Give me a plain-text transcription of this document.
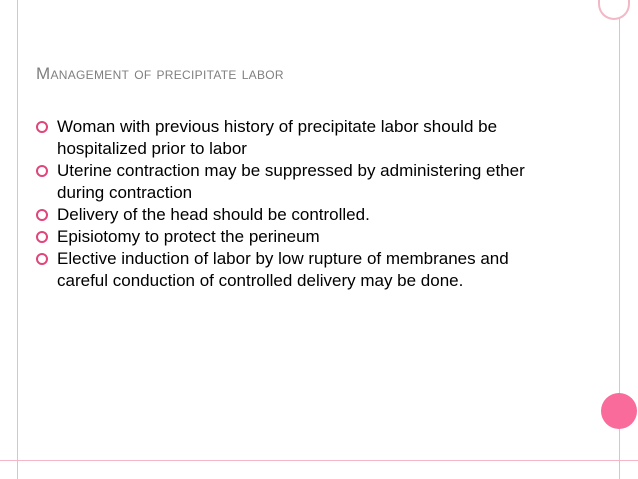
Management of precipitate labor
Woman with previous history of precipitate labor should be hospitalized prior to labor
Uterine contraction may be suppressed by administering ether during contraction
Delivery of the head should be controlled.
Episiotomy to protect the perineum
Elective induction of labor by low rupture of membranes and careful conduction of controlled delivery may be done.
